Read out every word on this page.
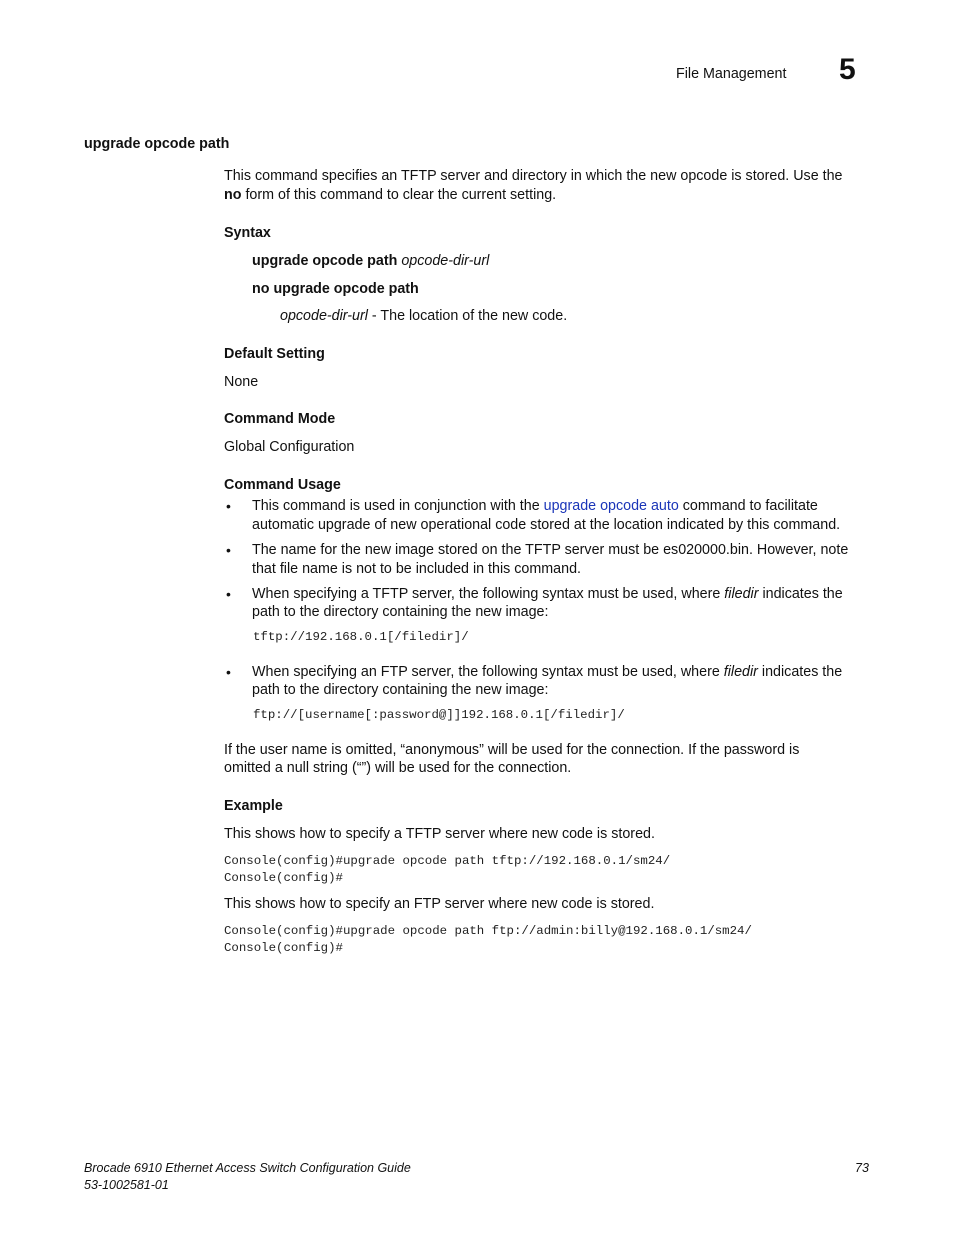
File Management 5
upgrade opcode path
This command specifies an TFTP server and directory in which the new opcode is stored. Use the
no form of this command to clear the current setting.
Syntax
upgrade opcode path opcode-dir-url
no upgrade opcode path
opcode-dir-url - The location of the new code.
Default Setting
None
Command Mode
Global Configuration
Command Usage
• This command is used in conjunction with the upgrade opcode auto command to facilitate
automatic upgrade of new operational code stored at the location indicated by this command.
• The name for the new image stored on the TFTP server must be es020000.bin. However, note
that file name is not to be included in this command.
• When specifying a TFTP server, the following syntax must be used, where filedir indicates the
path to the directory containing the new image:
tftp://192.168.0.1[/filedir]/
• When specifying an FTP server, the following syntax must be used, where filedir indicates the
path to the directory containing the new image:
ftp://[username[:password@]]192.168.0.1[/filedir]/
If the user name is omitted, “anonymous” will be used for the connection. If the password is
omitted a null string (“”) will be used for the connection.
Example
This shows how to specify a TFTP server where new code is stored.
Console(config)#upgrade opcode path tftp://192.168.0.1/sm24/
Console(config)#
This shows how to specify an FTP server where new code is stored.
Console(config)#upgrade opcode path ftp://admin:billy@192.168.0.1/sm24/
Console(config)#
Brocade 6910 Ethernet Access Switch Configuration Guide
53-1002581-01
73
